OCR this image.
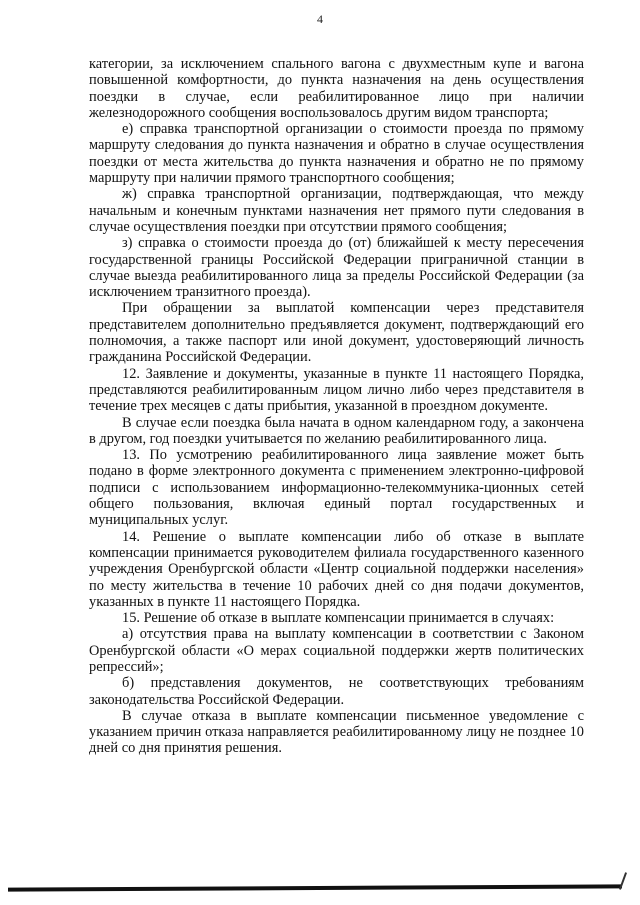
4

категории, за исключением спального вагона с двухместным купе и вагона повышенной комфортности, до пункта назначения на день осуществления поездки в случае, если реабилитированное лицо при наличии железнодорожного сообщения воспользовалось другим видом транспорта;

е) справка транспортной организации о стоимости проезда по прямому маршруту следования до пункта назначения и обратно в случае осуществления поездки от места жительства до пункта назначения и обратно не по прямому маршруту при наличии прямого транспортного сообщения;

ж) справка транспортной организации, подтверждающая, что между начальным и конечным пунктами назначения нет прямого пути следования в случае осуществления поездки при отсутствии прямого сообщения;

з) справка о стоимости проезда до (от) ближайшей к месту пересечения государственной границы Российской Федерации приграничной станции в случае выезда реабилитированного лица за пределы Российской Федерации (за исключением транзитного проезда).

При обращении за выплатой компенсации через представителя представителем дополнительно предъявляется документ, подтверждающий его полномочия, а также паспорт или иной документ, удостоверяющий личность гражданина Российской Федерации.

12. Заявление и документы, указанные в пункте 11 настоящего Порядка, представляются реабилитированным лицом лично либо через представителя в течение трех месяцев с даты прибытия, указанной в проездном документе.

В случае если поездка была начата в одном календарном году, а закончена в другом, год поездки учитывается по желанию реабилитированного лица.

13. По усмотрению реабилитированного лица заявление может быть подано в форме электронного документа с применением электронно-цифровой подписи с использованием информационно-телекоммуника-ционных сетей общего пользования, включая единый портал государственных и муниципальных услуг.

14. Решение о выплате компенсации либо об отказе в выплате компенсации принимается руководителем филиала государственного казенного учреждения Оренбургской области «Центр социальной поддержки населения» по месту жительства в течение 10 рабочих дней со дня подачи документов, указанных в пункте 11 настоящего Порядка.

15. Решение об отказе в выплате компенсации принимается в случаях:

а) отсутствия права на выплату компенсации в соответствии с Законом Оренбургской области «О мерах социальной поддержки жертв политических репрессий»;

б) представления документов, не соответствующих требованиям законодательства Российской Федерации.

В случае отказа в выплате компенсации письменное уведомление с указанием причин отказа направляется реабилитированному лицу не позднее 10 дней со дня принятия решения.
